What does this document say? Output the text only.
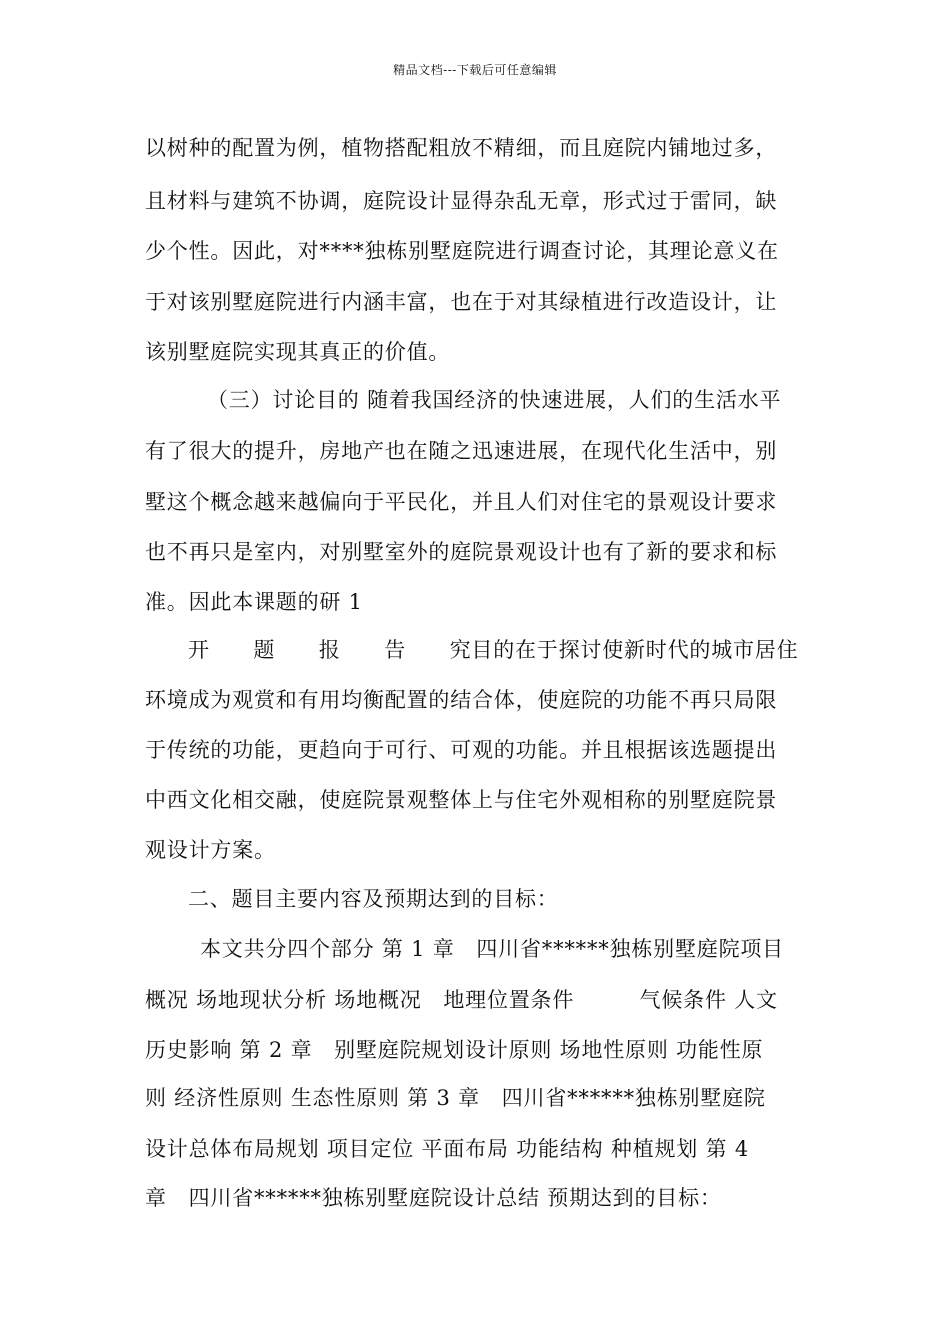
精品文档---下载后可任意编辑
以树种的配置为例，植物搭配粗放不精细，而且庭院内铺地过多，
且材料与建筑不协调，庭院设计显得杂乱无章，形式过于雷同，缺
少个性。因此，对****独栋别墅庭院进行调查讨论，其理论意义在
于对该别墅庭院进行内涵丰富，也在于对其绿植进行改造设计，让
该别墅庭院实现其真正的价值。
（三）讨论目的 随着我国经济的快速进展，人们的生活水平
有了很大的提升，房地产也在随之迅速进展，在现代化生活中，别
墅这个概念越来越偏向于平民化，并且人们对住宅的景观设计要求
也不再只是室内，对别墅室外的庭院景观设计也有了新的要求和标
准。因此本课题的研 1
开　　题　　报　　告　　究目的在于探讨使新时代的城市居住
环境成为观赏和有用均衡配置的结合体，使庭院的功能不再只局限
于传统的功能，更趋向于可行、可观的功能。并且根据该选题提出
中西文化相交融，使庭院景观整体上与住宅外观相称的别墅庭院景
观设计方案。
二、题目主要内容及预期达到的目标：
本文共分四个部分 第 1 章　四川省******独栋别墅庭院项目
概况 场地现状分析 场地概况　地理位置条件　　　气候条件 人文
历史影响 第 2 章　别墅庭院规划设计原则 场地性原则 功能性原
则 经济性原则 生态性原则 第 3 章　四川省******独栋别墅庭院
设计总体布局规划 项目定位 平面布局 功能结构 种植规划 第 4
章　四川省******独栋别墅庭院设计总结 预期达到的目标：
